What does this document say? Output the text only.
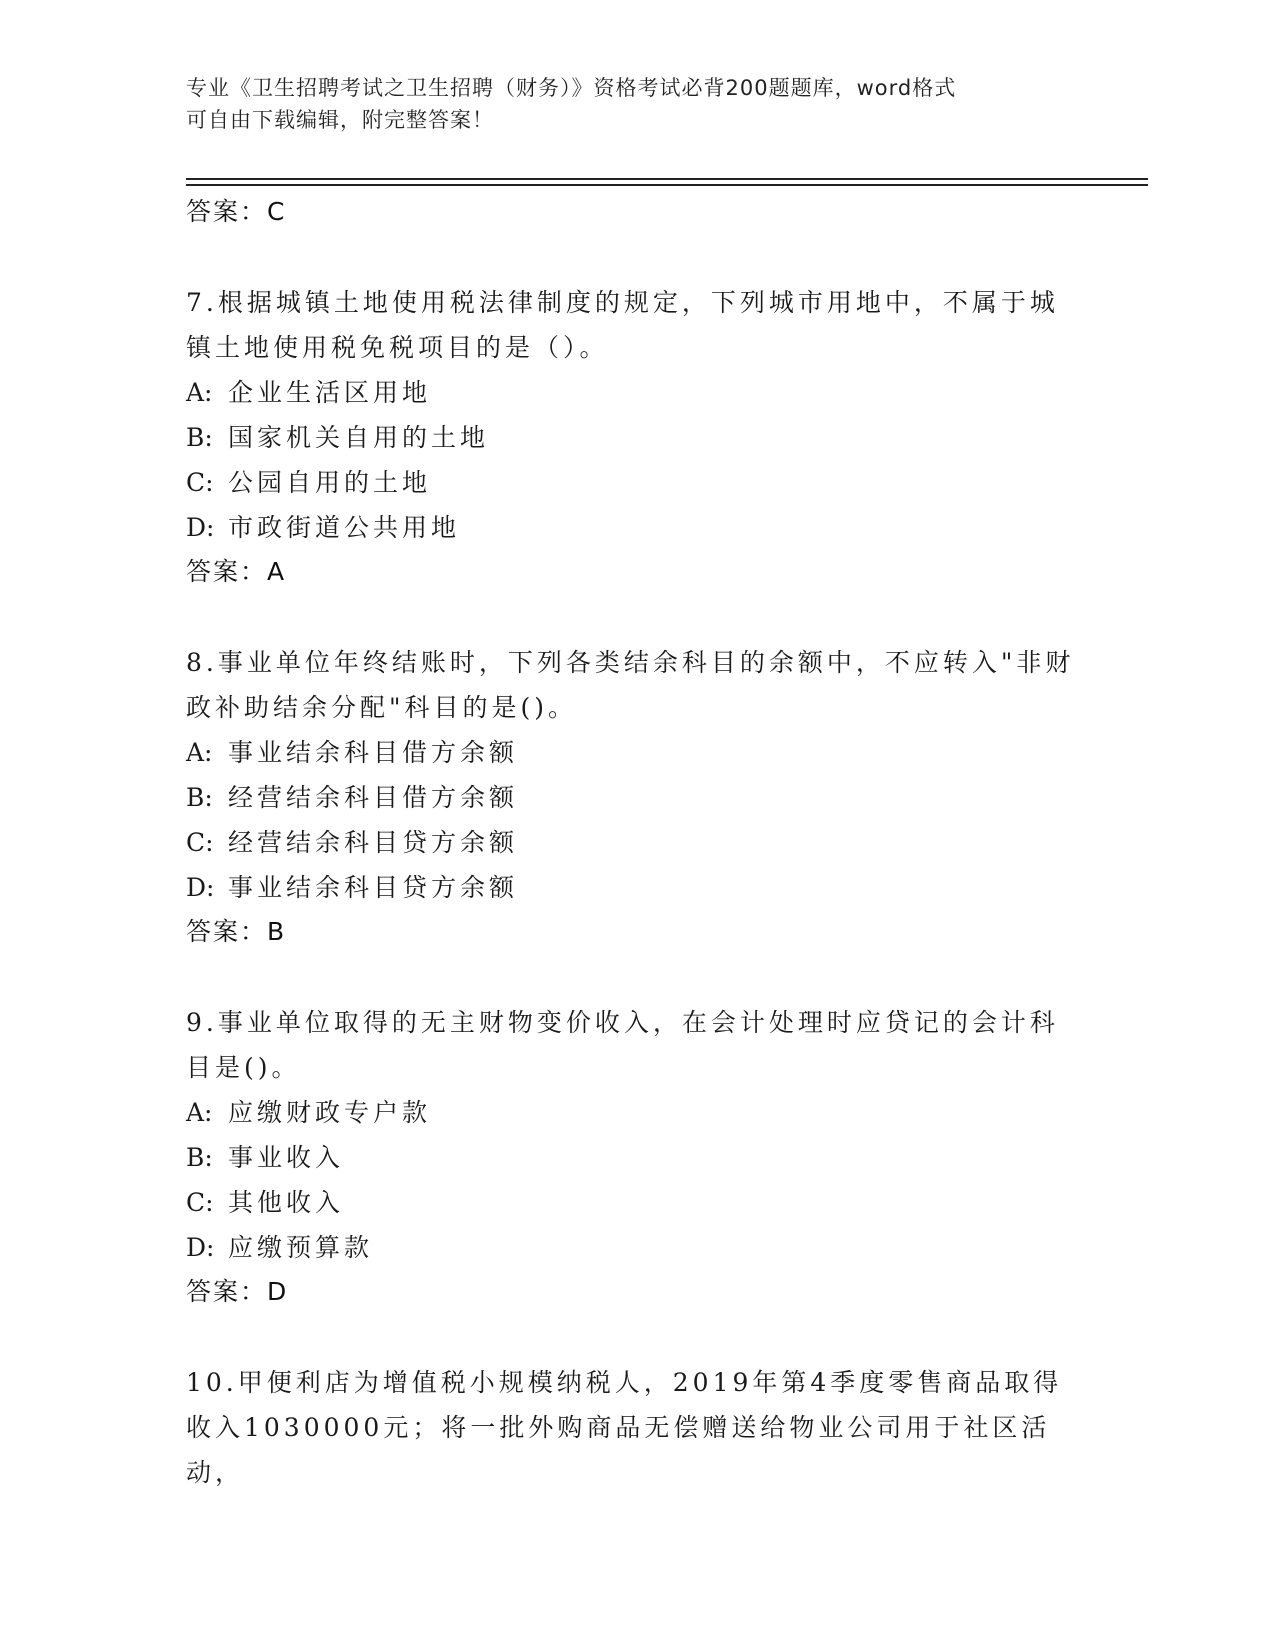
专业《卫生招聘考试之卫生招聘（财务）》资格考试必背200题题库，word格式
可自由下载编辑，附完整答案！
答案：C
7.根据城镇土地使用税法律制度的规定，下列城市用地中，不属于城镇土地使用税免税项目的是（）。
A: 企业生活区用地
B: 国家机关自用的土地
C: 公园自用的土地
D: 市政街道公共用地
答案：A
8.事业单位年终结账时，下列各类结余科目的余额中，不应转入"非财政补助结余分配"科目的是()。
A: 事业结余科目借方余额
B: 经营结余科目借方余额
C: 经营结余科目贷方余额
D: 事业结余科目贷方余额
答案：B
9.事业单位取得的无主财物变价收入，在会计处理时应贷记的会计科目是()。
A: 应缴财政专户款
B: 事业收入
C: 其他收入
D: 应缴预算款
答案：D
10.甲便利店为增值税小规模纳税人，2019年第4季度零售商品取得收入1030000元；将一批外购商品无偿赠送给物业公司用于社区活动，
